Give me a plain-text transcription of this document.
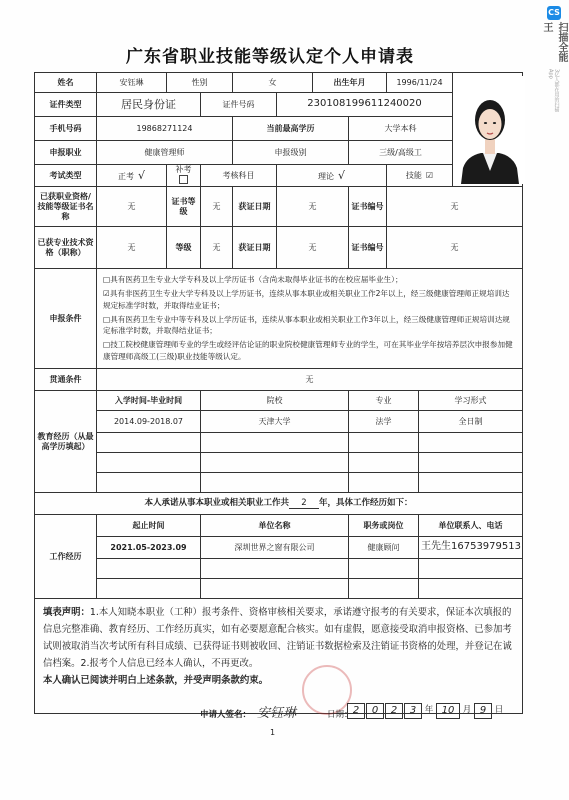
广东省职业技能等级认定个人申请表
CS
扫描全能王
3亿人都在用的扫描App
姓名	安钰琳	性别		女		出生年月		1996/11/24	

证件类型	居民身份证		证件号码		230108199611240020					
手机号码	19868271124			当前最高学历			大学本科			
申报职业	健康管理师			申报级别			三级/高级工			
考试类型	正考 √	补考	考核科目		理论 √			技能 ☑		
已获职业资格/技能等级证书名称	无	证书等级	无	获证日期	无		证书编号	无		
已获专业技术资格（职称）	无	等级	无	获证日期	无		证书编号	无		
申报条件	□具有医药卫生专业大学专科及以上学历证书（含尚未取得毕业证书的在校应届毕业生）；

☑具有非医药卫生专业大学专科及以上学历证书，连续从事本职业或相关职业工作2年以上，经三级健康管理师正规培训达规定标准学时数，并取得结业证书；

□具有医药卫生专业中等专科及以上学历证书，连续从事本职业或相关职业工作3年以上，经三级健康管理师正规培训达规定标准学时数，并取得结业证书；

□技工院校健康管理师专业的学生或经评估论证的职业院校健康管理师专业的学生，可在其毕业学年按培养层次申报参加健康管理师高级工(三级)职业技能等级认定。									

贯通条件	无									
教育经历（从最高学历填起）	入学时间-毕业时间		院校				专业		学习形式	
	2014.09-2018.07		天津大学				法学		全日制	

本人承诺从事本职业或相关职业工作共 2 年，具体工作经历如下：										
工作经历	起止时间		单位名称				职务或岗位		单位联系人、电话	
	2021.05-2023.09		深圳世界之窗有限公司				健康顾问		王先生16753979513	

填表声明：1.本人知晓本职业（工种）报考条件、资格审核相关要求，承诺遵守报考的有关要求，保证本次填报的信息完整准确、教育经历、工作经历真实，如有必要愿意配合核实。如有虚假，愿意接受取消申报资格、已参加考试则被取消当次考试所有科目成绩、已获得证书则被收回、注销证书数据检索及注销证书资格的处理，并登记在诚信档案。2.报考个人信息已经本人确认，不再更改。
本人确认已阅读并明白上述条款，并受声明条款约束。										
申请人签名： 安钰琳	日期： 2	0	2	3	年 10 月 9	日
1
